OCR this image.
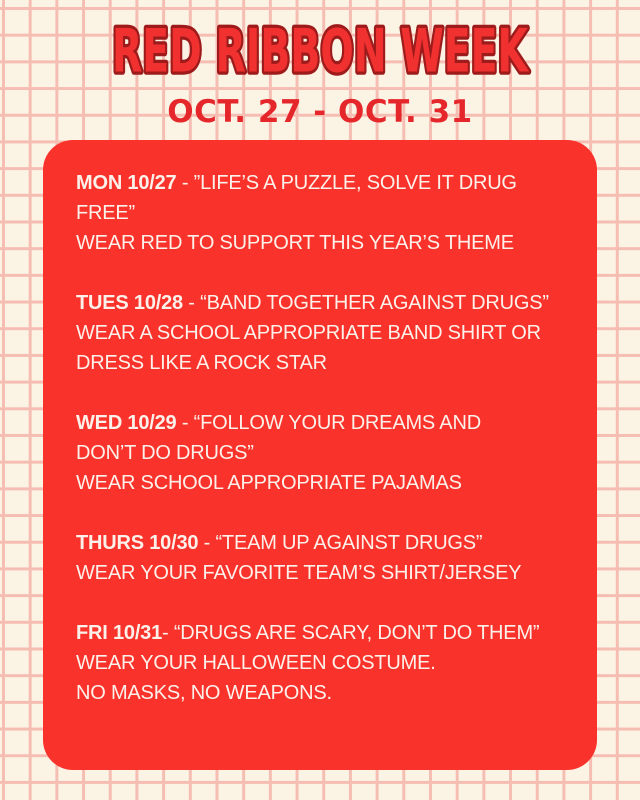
RED RIBBON WEEK
OCT. 27 - OCT. 31
MON 10/27 - ”LIFE’S A PUZZLE, SOLVE IT DRUG
FREE”
WEAR RED TO SUPPORT THIS YEAR’S THEME
TUES 10/28 - “BAND TOGETHER AGAINST DRUGS”
WEAR A SCHOOL APPROPRIATE BAND SHIRT OR
DRESS LIKE A ROCK STAR
WED 10/29 - “FOLLOW YOUR DREAMS AND
DON’T DO DRUGS”
WEAR SCHOOL APPROPRIATE PAJAMAS
THURS 10/30 - “TEAM UP AGAINST DRUGS”
WEAR YOUR FAVORITE TEAM’S SHIRT/JERSEY
FRI 10/31- “DRUGS ARE SCARY, DON’T DO THEM”
WEAR YOUR HALLOWEEN COSTUME.
NO MASKS, NO WEAPONS.
